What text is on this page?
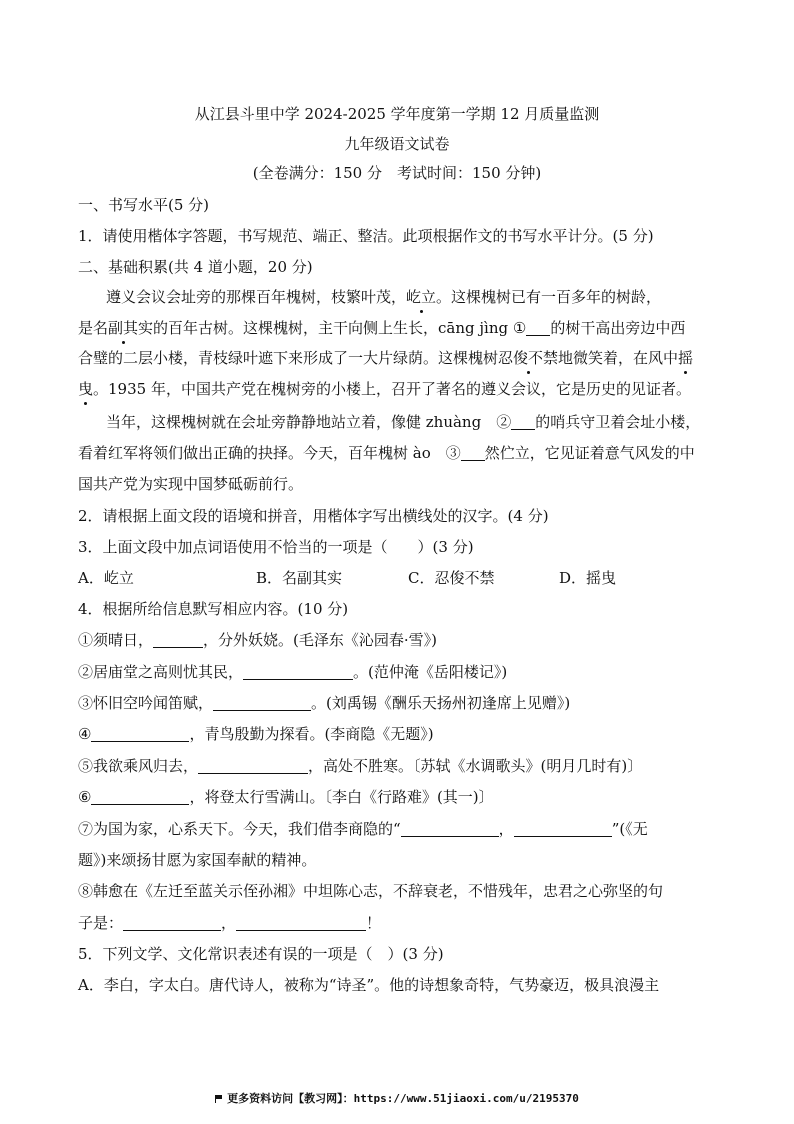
从江县斗里中学 2024-2025 学年度第一学期 12 月质量监测
九年级语文试卷
(全卷满分：150 分　考试时间：150 分钟)
一、书写水平(5 分)
1．请使用楷体字答题，书写规范、端正、整洁。此项根据作文的书写水平计分。(5 分)
二、基础积累(共 4 道小题，20 分)
遵义会议会址旁的那棵百年槐树，枝繁叶茂，屹立。这棵槐树已有一百多年的树龄，
是名副其实的百年古树。这棵槐树，主干向侧上生长，cāng jìng ① 的树干高出旁边中西
合璧的二层小楼，青枝绿叶遮下来形成了一大片绿荫。这棵槐树忍俊不禁地微笑着，在风中摇
曳。1935 年，中国共产党在槐树旁的小楼上，召开了著名的遵义会议，它是历史的见证者。
当年，这棵槐树就在会址旁静静地站立着，像健 zhuàng　② 的哨兵守卫着会址小楼，
看着红军将领们做出正确的抉择。今天，百年槐树 ào　③ 然伫立，它见证着意气风发的中
国共产党为实现中国梦砥砺前行。
2．请根据上面文段的语境和拼音，用楷体字写出横线处的汉字。(4 分)
3．上面文段中加点词语使用不恰当的一项是（　　）(3 分)
A．屹立	B．名副其实	C．忍俊不禁	D．摇曳
4．根据所给信息默写相应内容。(10 分)
①须晴日，	，分外妖娆。(毛泽东《沁园春·雪》)
②居庙堂之高则忧其民，	。(范仲淹《岳阳楼记》)
③怀旧空吟闻笛赋，	。(刘禹锡《酬乐天扬州初逢席上见赠》)
④	，青鸟殷勤为探看。(李商隐《无题》)
⑤我欲乘风归去，	，高处不胜寒。〔苏轼《水调歌头》(明月几时有)〕
⑥	，将登太行雪满山。〔李白《行路难》(其一)〕
⑦为国为家，心系天下。今天，我们借李商隐的“	，	”(《无
题》)来颂扬甘愿为家国奉献的精神。
⑧韩愈在《左迁至蓝关示侄孙湘》中坦陈心志，不辞衰老，不惜残年，忠君之心弥坚的句
子是：	，	！
5．下列文学、文化常识表述有误的一项是（　）(3 分)
A．李白，字太白。唐代诗人，被称为“诗圣”。他的诗想象奇特，气势豪迈，极具浪漫主
更多资料访问【教习网】：https://www.51jiaoxi.com/u/2195370
